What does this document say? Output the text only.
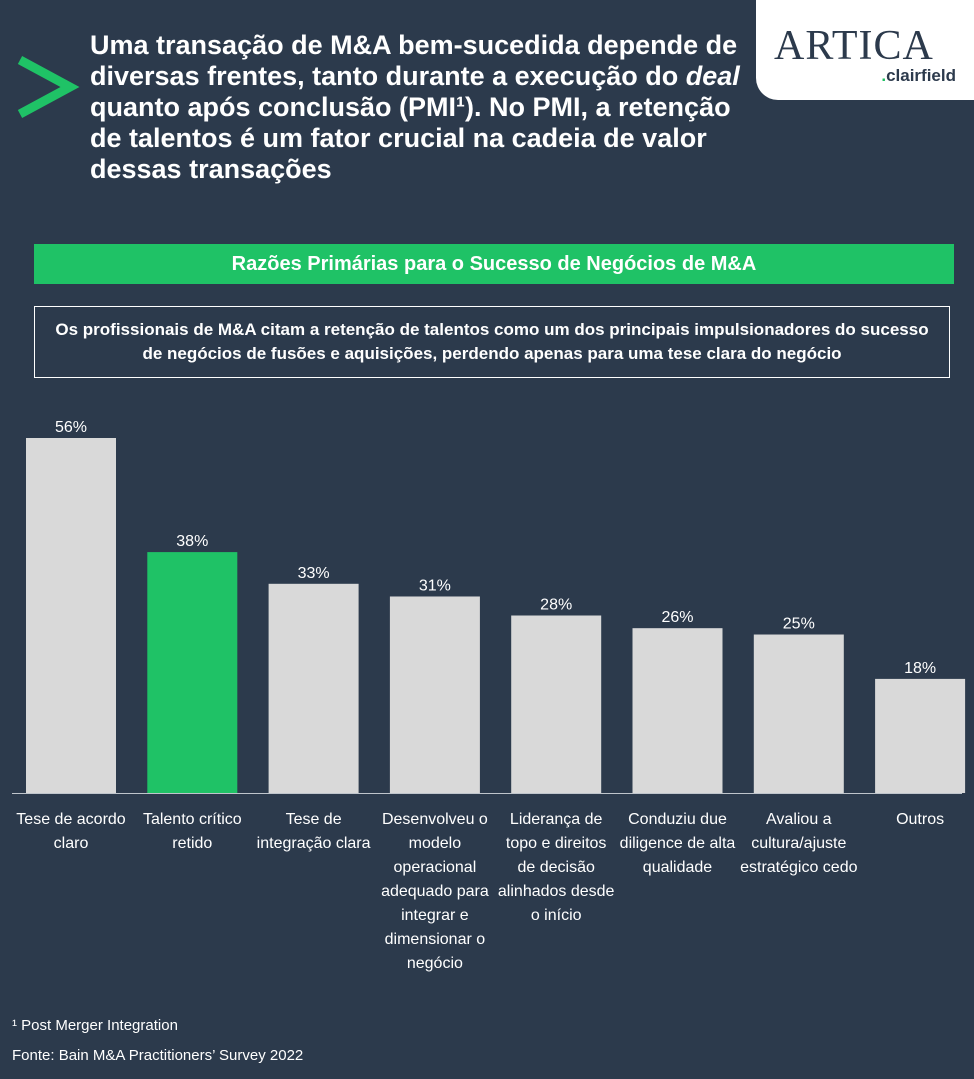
Uma transação de M&A bem-sucedida depende de diversas frentes, tanto durante a execução do deal quanto após conclusão (PMI¹). No PMI, a retenção de talentos é um fator crucial na cadeia de valor dessas transações
ARTICA
.clairfield
Razões Primárias para o Sucesso de Negócios de M&A
Os profissionais de M&A citam a retenção de talentos como um dos principais impulsionadores do sucesso de negócios de fusões e aquisições, perdendo apenas para uma tese clara do negócio
56%
38%
33%
31%
28%
26%	25%
18%
Tese de acordo claro
Talento crítico retido
Tese de integração clara
Desenvolveu o modelo operacional adequado para integrar e dimensionar o negócio
Liderança de topo e direitos de decisão alinhados desde o início
Conduziu due diligence de alta qualidade
Avaliou a cultura/ajuste estratégico cedo
Outros
¹ Post Merger Integration
Fonte: Bain M&A Practitioners’ Survey 2022
